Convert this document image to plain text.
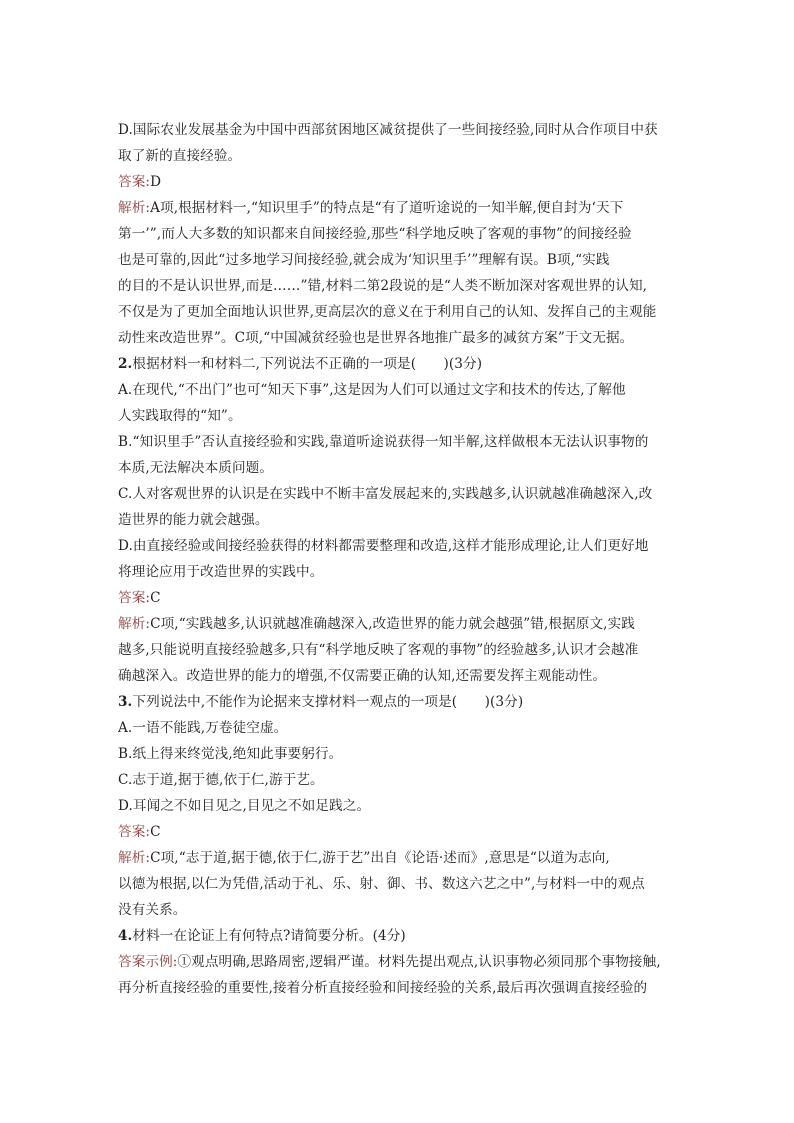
D.国际农业发展基金为中国中西部贫困地区减贫提供了一些间接经验,同时从合作项目中获
取了新的直接经验。
答案:D
解析:A项,根据材料一,“知识里手”的特点是“有了道听途说的一知半解,便自封为‘天下
第一’”,而人大多数的知识都来自间接经验,那些“科学地反映了客观的事物”的间接经验
也是可靠的,因此“过多地学习间接经验,就会成为‘知识里手’”理解有误。B项,“实践
的目的不是认识世界,而是……”错,材料二第2段说的是“人类不断加深对客观世界的认知,
不仅是为了更加全面地认识世界,更高层次的意义在于利用自己的认知、发挥自己的主观能
动性来改造世界”。C项,“中国减贫经验也是世界各地推广最多的减贫方案”于文无据。
2.根据材料一和材料二,下列说法不正确的一项是(　　)(3分)
A.在现代,“不出门”也可“知天下事”,这是因为人们可以通过文字和技术的传达,了解他
人实践取得的“知”。
B.“知识里手”否认直接经验和实践,靠道听途说获得一知半解,这样做根本无法认识事物的
本质,无法解决本质问题。
C.人对客观世界的认识是在实践中不断丰富发展起来的,实践越多,认识就越准确越深入,改
造世界的能力就会越强。
D.由直接经验或间接经验获得的材料都需要整理和改造,这样才能形成理论,让人们更好地
将理论应用于改造世界的实践中。
答案:C
解析:C项,“实践越多,认识就越准确越深入,改造世界的能力就会越强”错,根据原文,实践
越多,只能说明直接经验越多,只有“科学地反映了客观的事物”的经验越多,认识才会越准
确越深入。改造世界的能力的增强,不仅需要正确的认知,还需要发挥主观能动性。
3.下列说法中,不能作为论据来支撑材料一观点的一项是(　　)(3分)
A.一语不能践,万卷徒空虚。
B.纸上得来终觉浅,绝知此事要躬行。
C.志于道,据于德,依于仁,游于艺。
D.耳闻之不如目见之,目见之不如足践之。
答案:C
解析:C项,“志于道,据于德,依于仁,游于艺”出自《论语·述而》,意思是“以道为志向,
以德为根据,以仁为凭借,活动于礼、乐、射、御、书、数这六艺之中”,与材料一中的观点
没有关系。
4.材料一在论证上有何特点?请简要分析。(4分)
答案示例:①观点明确,思路周密,逻辑严谨。材料先提出观点,认识事物必须同那个事物接触,
再分析直接经验的重要性,接着分析直接经验和间接经验的关系,最后再次强调直接经验的
